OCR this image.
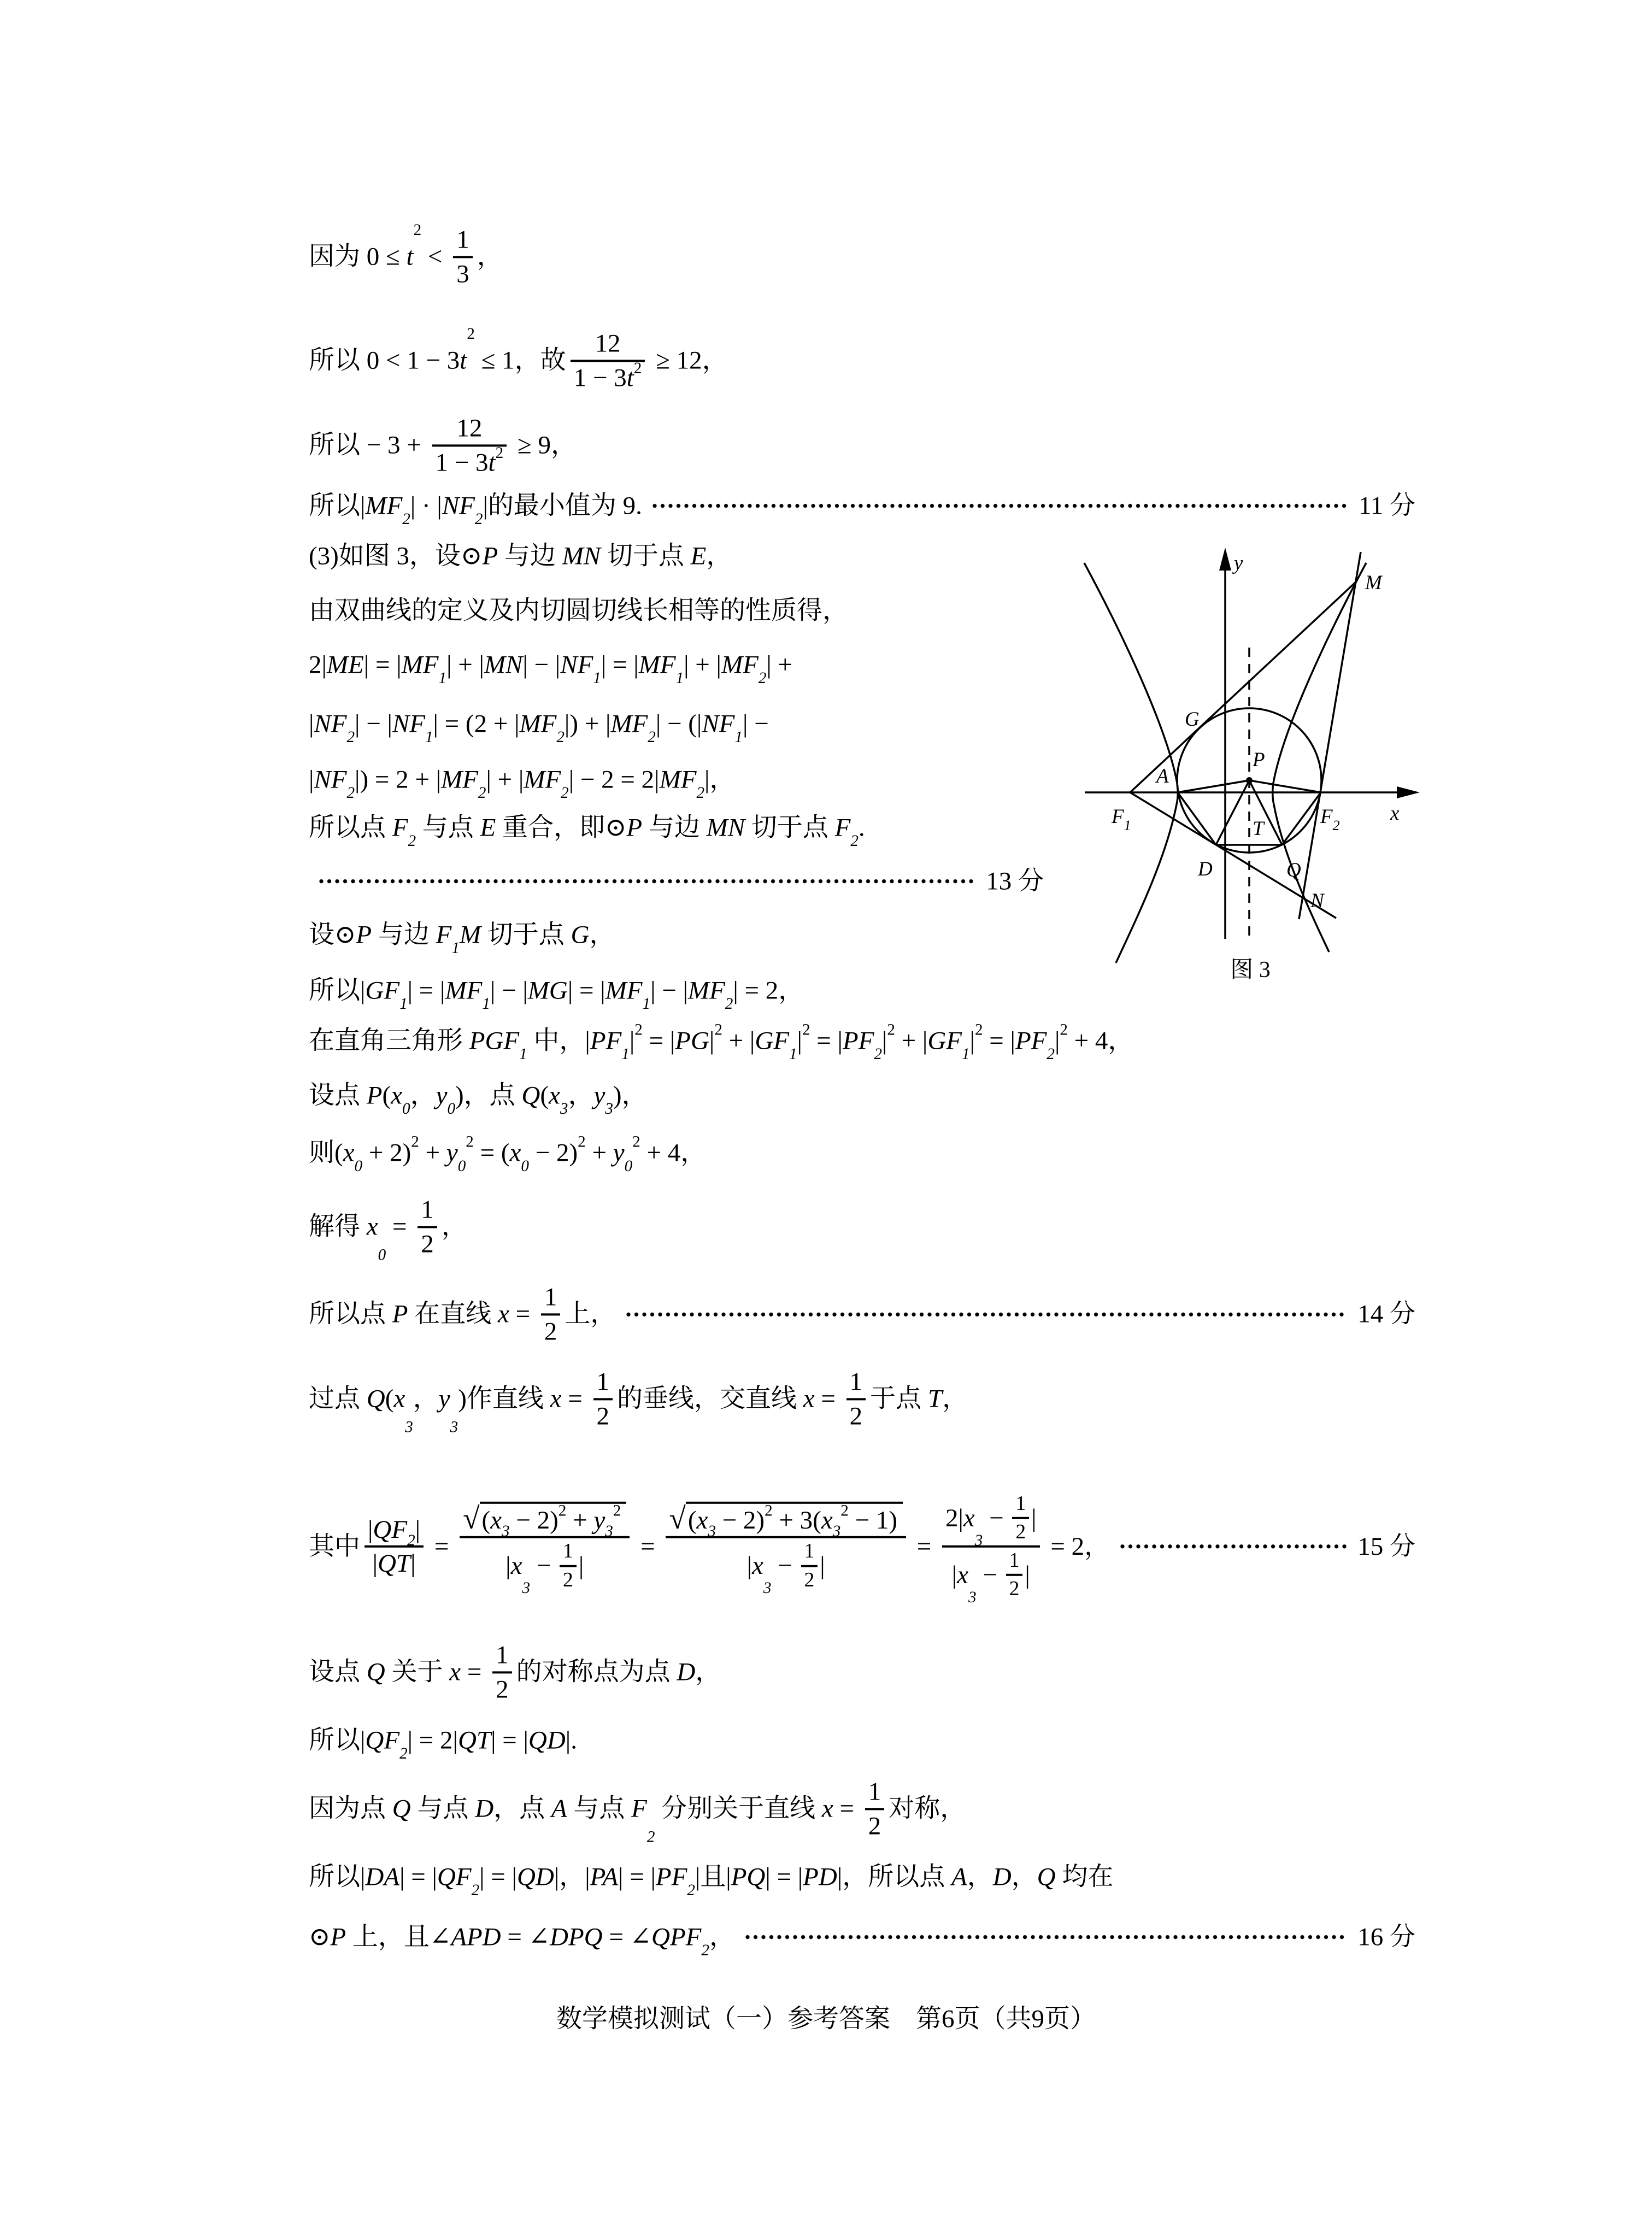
因为 0 ≤ t
2
< $\frac{1}{3}$ ，
所以 0 < 1 − 3 t
2
≤ 1，故 $\frac{12}{1 - 3 t 2} \ge 12$，
所以 − $3 + \frac{12}{1 - 3 t 2} \ge 9$，
所以| MF 2 | · | NF 2 |的最小值为 9.	11 分
(3)如图 3，设⊙ P 与边 MN 切于点 E ，
由双曲线的定义及内切圆切线长相等的性质得，
2| ME | = | MF 1 | + | MN | − | NF 1 | = | MF 1 | + | MF 2 | +
| NF 2 | − | NF 1 | = (2 + | MF 2 |) + | MF 2 | − (| NF 1 | −
| NF 2 |) = 2 + | MF 2 | + | MF 2 | − 2 = 2| MF 2 |，
所以点 F 2 与点 E 重合，即⊙ P 与边 MN 切于点 F 2 .
13 分
设⊙ P 与边 F 1 M 切于点 G ，
所以| GF 1 | = | MF 1 | − | MG | = | MF 1 | − | MF 2 | = 2，
在直角三角形 PGF 1 中，| PF 1 | 2 = | PG | 2 + | GF 1 | 2 = | PF 2 | 2 + | GF 1 | 2 = | PF 2 | 2 + 4，
设点 P ( x 0 ， y 0 )，点 Q ( x 3 ， y 3 )，
则( x 0 + 2) 2 + y 0
2 = ( x 0 − 2) 2 + y 0
2 + 4，
解得 x
0
= $\frac{1}{2}$ ，
所以点 P 在直线 $x = \frac{1}{2}$ 上，	14 分
过点 Q ( x
3
， y
3
)作直线 $x = \frac{1}{2}$ 的垂线，交直线 $x = \frac{1}{2}$ 于点 T ，
其中 $\frac{| QF 2 |}{| QT |}$ = √ ( x 3 − 2) 2 + y 3
2
| x
3
− $\frac{1}{2}$ | = √ ( x 3 − 2) 2 + 3( x 3
2 − 1)
| x
3
− $\frac{1}{2}$ | = 2| x
3
− $\frac{1}{2}$ |
| x
3
− $\frac{1}{2}$ | = 2，	15 分
设点 Q 关于 $x = \frac{1}{2}$ 的对称点为点 D ，
所以| QF 2 | = 2| QT | = | QD |.
因为点 Q 与点 D ，点 A 与点 F
2
分别关于直线 $x = \frac{1}{2}$ 对称，
所以| DA | = | QF 2 | = | QD |，| PA | = | PF 2 |且| PQ | = | PD |，所以点 A ， D ， Q 均在
⊙ P 上，且∠ APD = ∠ DPQ = ∠ QPF 2 ，	16 分
y
x
M
G
A
P
$F_1$	$F_2$
T
D	Q
N
图 3
数学模拟测试（一）参考答案　第6页（共9页）
